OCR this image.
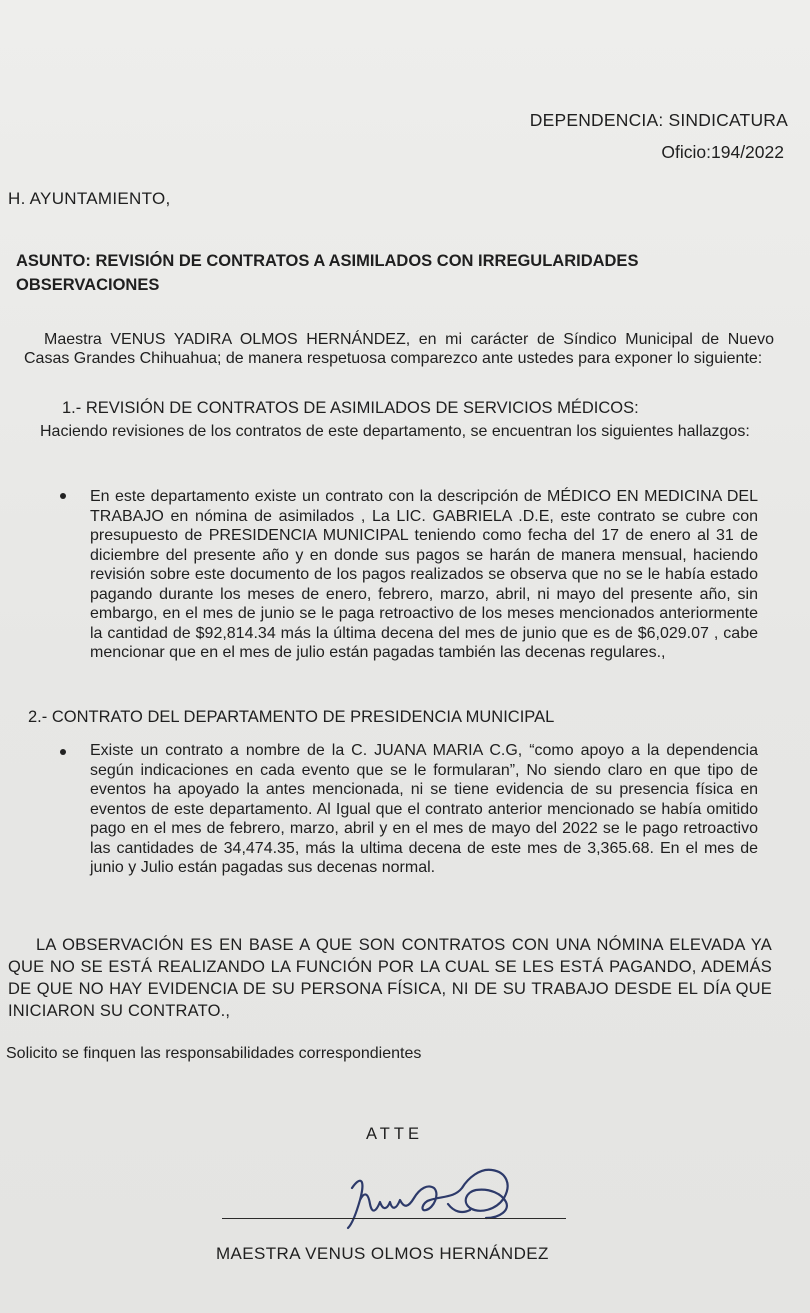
DEPENDENCIA: SINDICATURA
Oficio:194/2022
H. AYUNTAMIENTO,
ASUNTO: REVISIÓN DE CONTRATOS A ASIMILADOS CON IRREGULARIDADES
OBSERVACIONES
Maestra VENUS YADIRA OLMOS HERNÁNDEZ, en mi carácter de Síndico Municipal de Nuevo Casas Grandes Chihuahua; de manera respetuosa comparezco ante ustedes para exponer lo siguiente:
1.- REVISIÓN DE CONTRATOS DE ASIMILADOS DE SERVICIOS MÉDICOS:
Haciendo revisiones de los contratos de este departamento, se encuentran los siguientes hallazgos:
En este departamento existe un contrato con la descripción de MÉDICO EN MEDICINA DEL TRABAJO en nómina de asimilados , La LIC. GABRIELA .D.E, este contrato se cubre con presupuesto de PRESIDENCIA MUNICIPAL teniendo como fecha del 17 de enero al 31 de diciembre del presente año y en donde sus pagos se harán de manera mensual, haciendo revisión sobre este documento de los pagos realizados se observa que no se le había estado pagando durante los meses de enero, febrero, marzo, abril, ni mayo del presente año, sin embargo, en el mes de junio se le paga retroactivo de los meses mencionados anteriormente la cantidad de $92,814.34 más la última decena del mes de junio que es de $6,029.07 , cabe mencionar que en el mes de julio están pagadas también las decenas regulares.,
2.- CONTRATO DEL DEPARTAMENTO DE PRESIDENCIA MUNICIPAL
Existe un contrato a nombre de la C. JUANA MARIA C.G, “como apoyo a la dependencia según indicaciones en cada evento que se le formularan”, No siendo claro en que tipo de eventos ha apoyado la antes mencionada, ni se tiene evidencia de su presencia física en eventos de este departamento. Al Igual que el contrato anterior mencionado se había omitido pago en el mes de febrero, marzo, abril y en el mes de mayo del 2022 se le pago retroactivo las cantidades de 34,474.35, más la ultima decena de este mes de 3,365.68. En el mes de junio y Julio están pagadas sus decenas normal.
LA OBSERVACIÓN ES EN BASE A QUE SON CONTRATOS CON UNA NÓMINA ELEVADA YA QUE NO SE ESTÁ REALIZANDO LA FUNCIÓN POR LA CUAL SE LES ESTÁ PAGANDO, ADEMÁS DE QUE NO HAY EVIDENCIA DE SU PERSONA FÍSICA, NI DE SU TRABAJO DESDE EL DÍA QUE INICIARON SU CONTRATO.,
Solicito se finquen las responsabilidades correspondientes
ATTE
MAESTRA VENUS OLMOS HERNÁNDEZ
